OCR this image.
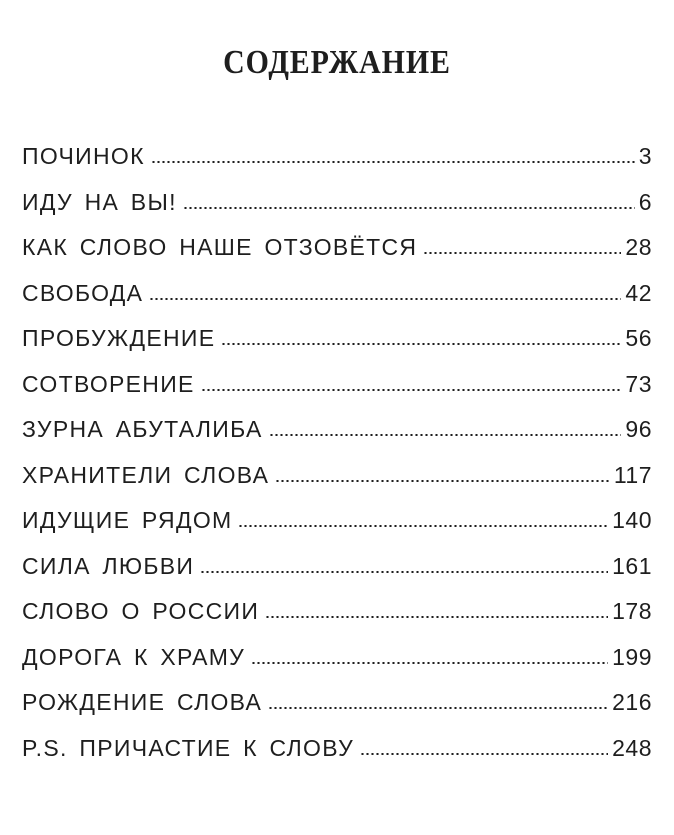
СОДЕРЖАНИЕ
ПОЧИНОК	3
ИДУ НА ВЫ!	6
КАК СЛОВО НАШЕ ОТЗОВЁТСЯ	28
СВОБОДА	42
ПРОБУЖДЕНИЕ	56
СОТВОРЕНИЕ	73
ЗУРНА АБУТАЛИБА	96
ХРАНИТЕЛИ СЛОВА	117
ИДУЩИЕ РЯДОМ	140
СИЛА ЛЮБВИ	161
СЛОВО О РОССИИ	178
ДОРОГА К ХРАМУ	199
РОЖДЕНИЕ СЛОВА	216
P.S. ПРИЧАСТИЕ К СЛОВУ	248
